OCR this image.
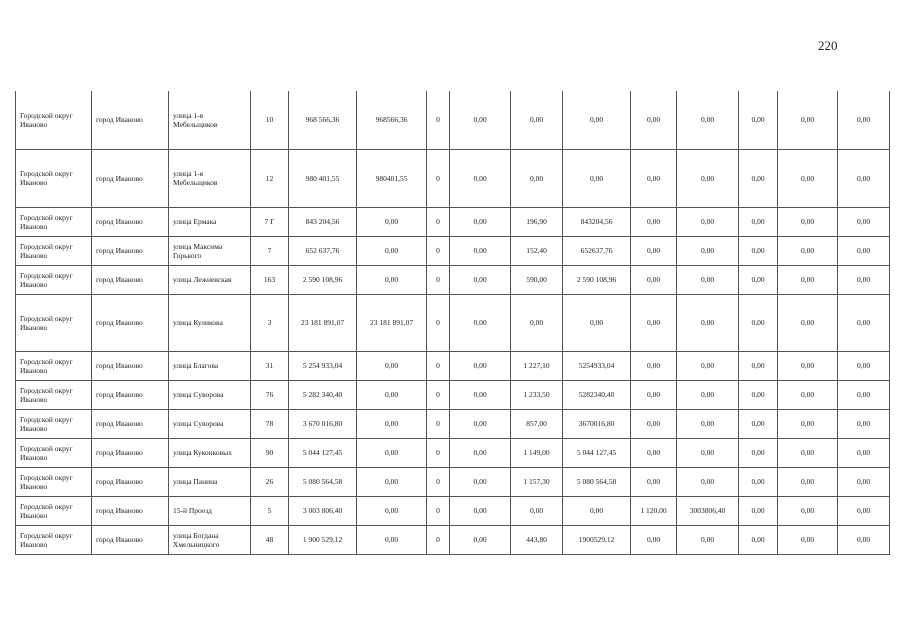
220
Городской округ Иваново	город Иваново	улица 1-я Мебельщиков	10	968 566,36	968566,36	0	0,00	0,00	0,00	0,00	0,00	0,00	0,00	0,00
Городской округ Иваново	город Иваново	улица 1-я Мебельщиков	12	980 401,55	980401,55	0	0,00	0,00	0,00	0,00	0,00	0,00	0,00	0,00
Городской округ Иваново	город Иваново	улица Ермака	7 Г	843 204,56	0,00	0	0,00	196,90	843204,56	0,00	0,00	0,00	0,00	0,00
Городской округ Иваново	город Иваново	улица Максима Горького	7	652 637,76	0,00	0	0,00	152,40	652637,76	0,00	0,00	0,00	0,00	0,00
Городской округ Иваново	город Иваново	улица Лежневская	163	2 590 108,96	0,00	0	0,00	590,00	2 590 108,96	0,00	0,00	0,00	0,00	0,00
Городской округ Иваново	город Иваново	улица Куликова	3	23 181 891,07	23 181 891,07	0	0,00	0,00	0,00	0,00	0,00	0,00	0,00	0,00
Городской округ Иваново	город Иваново	улица Благова	31	5 254 933,04	0,00	0	0,00	1 227,10	5254933,04	0,00	0,00	0,00	0,00	0,00
Городской округ Иваново	город Иваново	улица Суворова	76	5 282 340,40	0,00	0	0,00	1 233,50	5282340,40	0,00	0,00	0,00	0,00	0,00
Городской округ Иваново	город Иваново	улица Суворова	78	3 670 016,80	0,00	0	0,00	857,00	3670016,80	0,00	0,00	0,00	0,00	0,00
Городской округ Иваново	город Иваново	улица Куконковых	90	5 044 127,45	0,00	0	0,00	1 149,00	5 044 127,45	0,00	0,00	0,00	0,00	0,00
Городской округ Иваново	город Иваново	улица Панина	26	5 080 564,58	0,00	0	0,00	1 157,30	5 080 564,58	0,00	0,00	0,00	0,00	0,00
Городской округ Иваново	город Иваново	15-й Проезд	5	3 003 806,40	0,00	0	0,00	0,00	0,00	1 120,00	3003806,40	0,00	0,00	0,00
Городской округ Иваново	город Иваново	улица Богдана Хмельницкого	48	1 900 529,12	0,00	0	0,00	443,80	1900529,12	0,00	0,00	0,00	0,00	0,00
